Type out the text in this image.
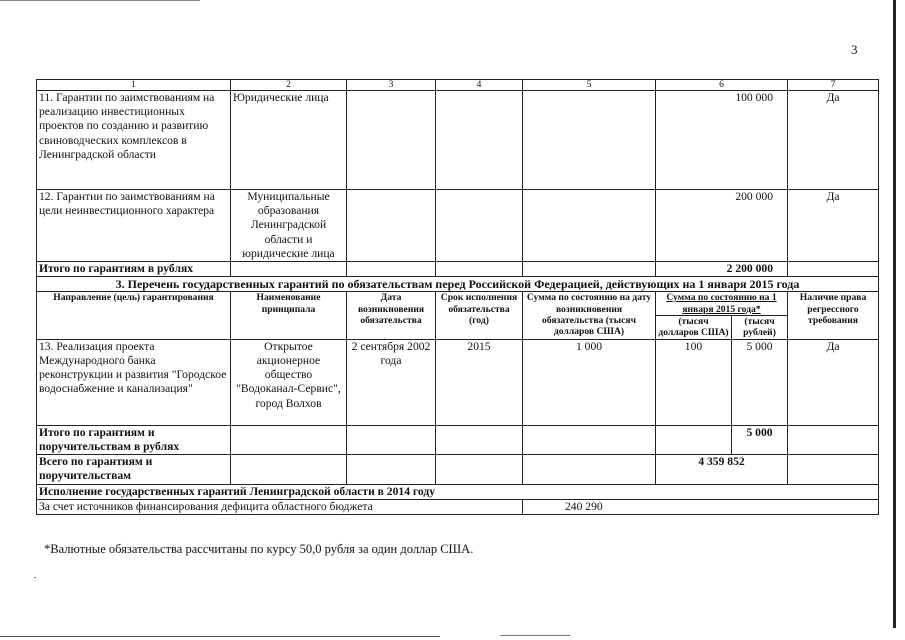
3
1	2	3	4	5	6		7
11. Гарантии по заимствованиям на реализацию инвестиционных проектов по созданию и развитию свиноводческих комплексов в Ленинградской области	Юридические лица				100 000		Да
12. Гарантии по заимствованиям на цели неинвестиционного характера	Муниципальные образования Ленинградской области и юридические лица				200 000		Да
Итого по гарантиям в рублях					2 200 000		
3. Перечень государственных гарантий по обязательствам перед Российской Федерацией, действующих на 1 января 2015 года							
Направление (цель) гарантирования	Наименование принципала	Дата возникновения обязательства	Срок исполнения обязательства (год)	Сумма по состоянию на дату возникновения обязательства (тысяч долларов США)	Сумма по состоянию на 1 января 2015 года*		Наличие права регрессного требования
					(тысяч долларов США)	(тысяч рублей)	
13. Реализация проекта Международного банка реконструкции и развития "Городское водоснабжение и канализация"	Открытое акционерное общество "Водоканал-Сервис", город Волхов	2 сентября 2002 года	2015	1 000	100	5 000	Да
Итого по гарантиям и поручительствам в рублях						5 000	
Всего по гарантиям и поручительствам					4 359 852		
Исполнение государственных гарантий Ленинградской области в 2014 году							
За счет источников финансирования дефицита областного бюджета				240 290			
*Валютные обязательства рассчитаны по курсу 50,0 рубля за один доллар США.
